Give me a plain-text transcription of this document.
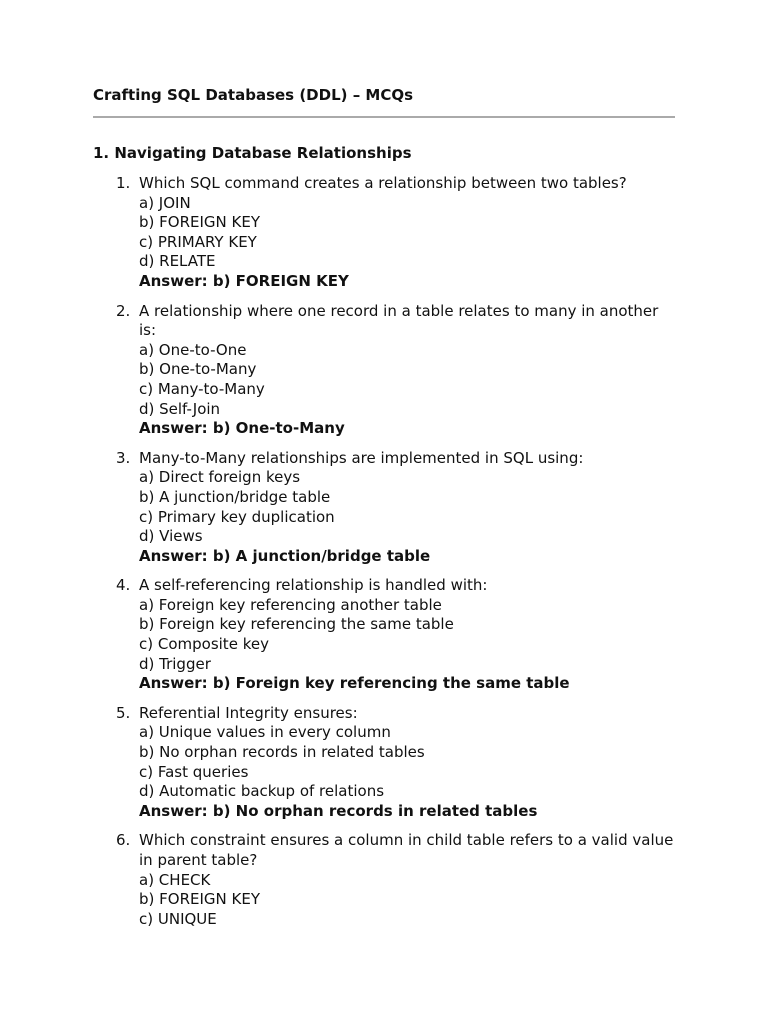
Crafting SQL Databases (DDL) – MCQs
1. Navigating Database Relationships
1. Which SQL command creates a relationship between two tables?
a) JOIN
b) FOREIGN KEY
c) PRIMARY KEY
d) RELATE
Answer: b) FOREIGN KEY
2. A relationship where one record in a table relates to many in another is:
a) One-to-One
b) One-to-Many
c) Many-to-Many
d) Self-Join
Answer: b) One-to-Many
3. Many-to-Many relationships are implemented in SQL using:
a) Direct foreign keys
b) A junction/bridge table
c) Primary key duplication
d) Views
Answer: b) A junction/bridge table
4. A self-referencing relationship is handled with:
a) Foreign key referencing another table
b) Foreign key referencing the same table
c) Composite key
d) Trigger
Answer: b) Foreign key referencing the same table
5. Referential Integrity ensures:
a) Unique values in every column
b) No orphan records in related tables
c) Fast queries
d) Automatic backup of relations
Answer: b) No orphan records in related tables
6. Which constraint ensures a column in child table refers to a valid value in parent table?
a) CHECK
b) FOREIGN KEY
c) UNIQUE
